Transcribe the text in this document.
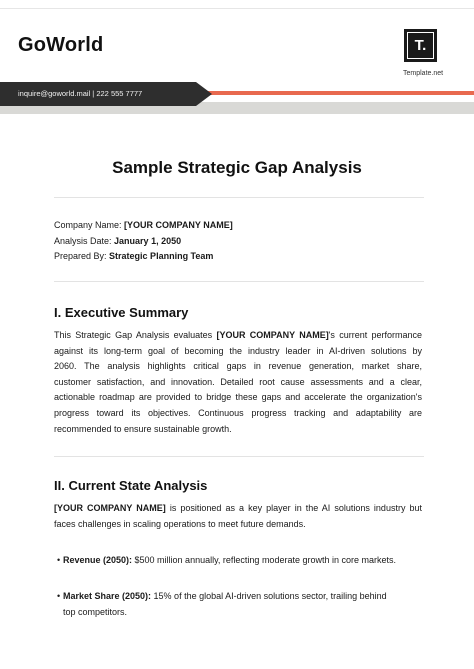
GoWorld	T.
Template.net
inquire@goworld.mail | 222 555 7777
Sample Strategic Gap Analysis
Company Name: [YOUR COMPANY NAME]
Analysis Date: January 1, 2050
Prepared By: Strategic Planning Team
I. Executive Summary
This Strategic Gap Analysis evaluates [YOUR COMPANY NAME]'s current performance
against its long-term goal of becoming the industry leader in AI-driven solutions by
2060. The analysis highlights critical gaps in revenue generation, market share,
customer satisfaction, and innovation. Detailed root cause assessments and a clear,
actionable roadmap are provided to bridge these gaps and accelerate the organization's
progress toward its objectives. Continuous progress tracking and adaptability are
recommended to ensure sustainable growth.
II. Current State Analysis
[YOUR COMPANY NAME] is positioned as a key player in the AI solutions industry but
faces challenges in scaling operations to meet future demands.
• Revenue (2050): $500 million annually, reflecting moderate growth in core markets.
• Market Share (2050): 15% of the global AI-driven solutions sector, trailing behind
top competitors.
